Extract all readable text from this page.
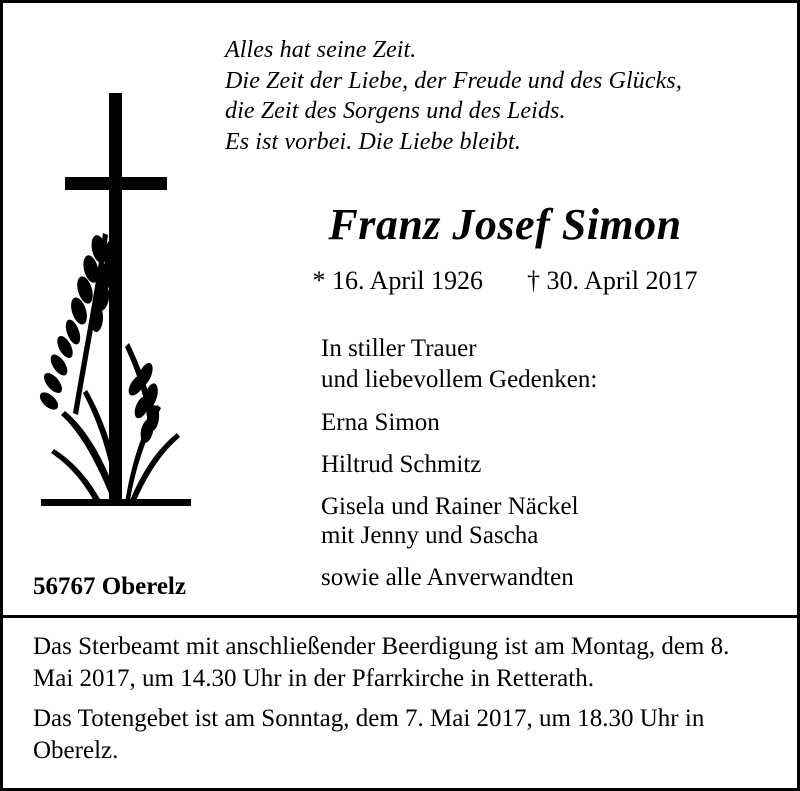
Alles hat seine Zeit.
Die Zeit der Liebe, der Freude und des Glücks,
die Zeit des Sorgens und des Leids.
Es ist vorbei. Die Liebe bleibt.
Franz Josef Simon
* 16. April 1926 † 30. April 2017
In stiller Trauer
und liebevollem Gedenken:
Erna Simon
Hiltrud Schmitz
Gisela und Rainer Näckel
mit Jenny und Sascha
sowie alle Anverwandten
56767 Oberelz
Das Sterbeamt mit anschließender Beerdigung ist am Montag, dem 8. Mai 2017, um 14.30 Uhr in der Pfarrkirche in Retterath.
Das Totengebet ist am Sonntag, dem 7. Mai 2017, um 18.30 Uhr in Oberelz.
